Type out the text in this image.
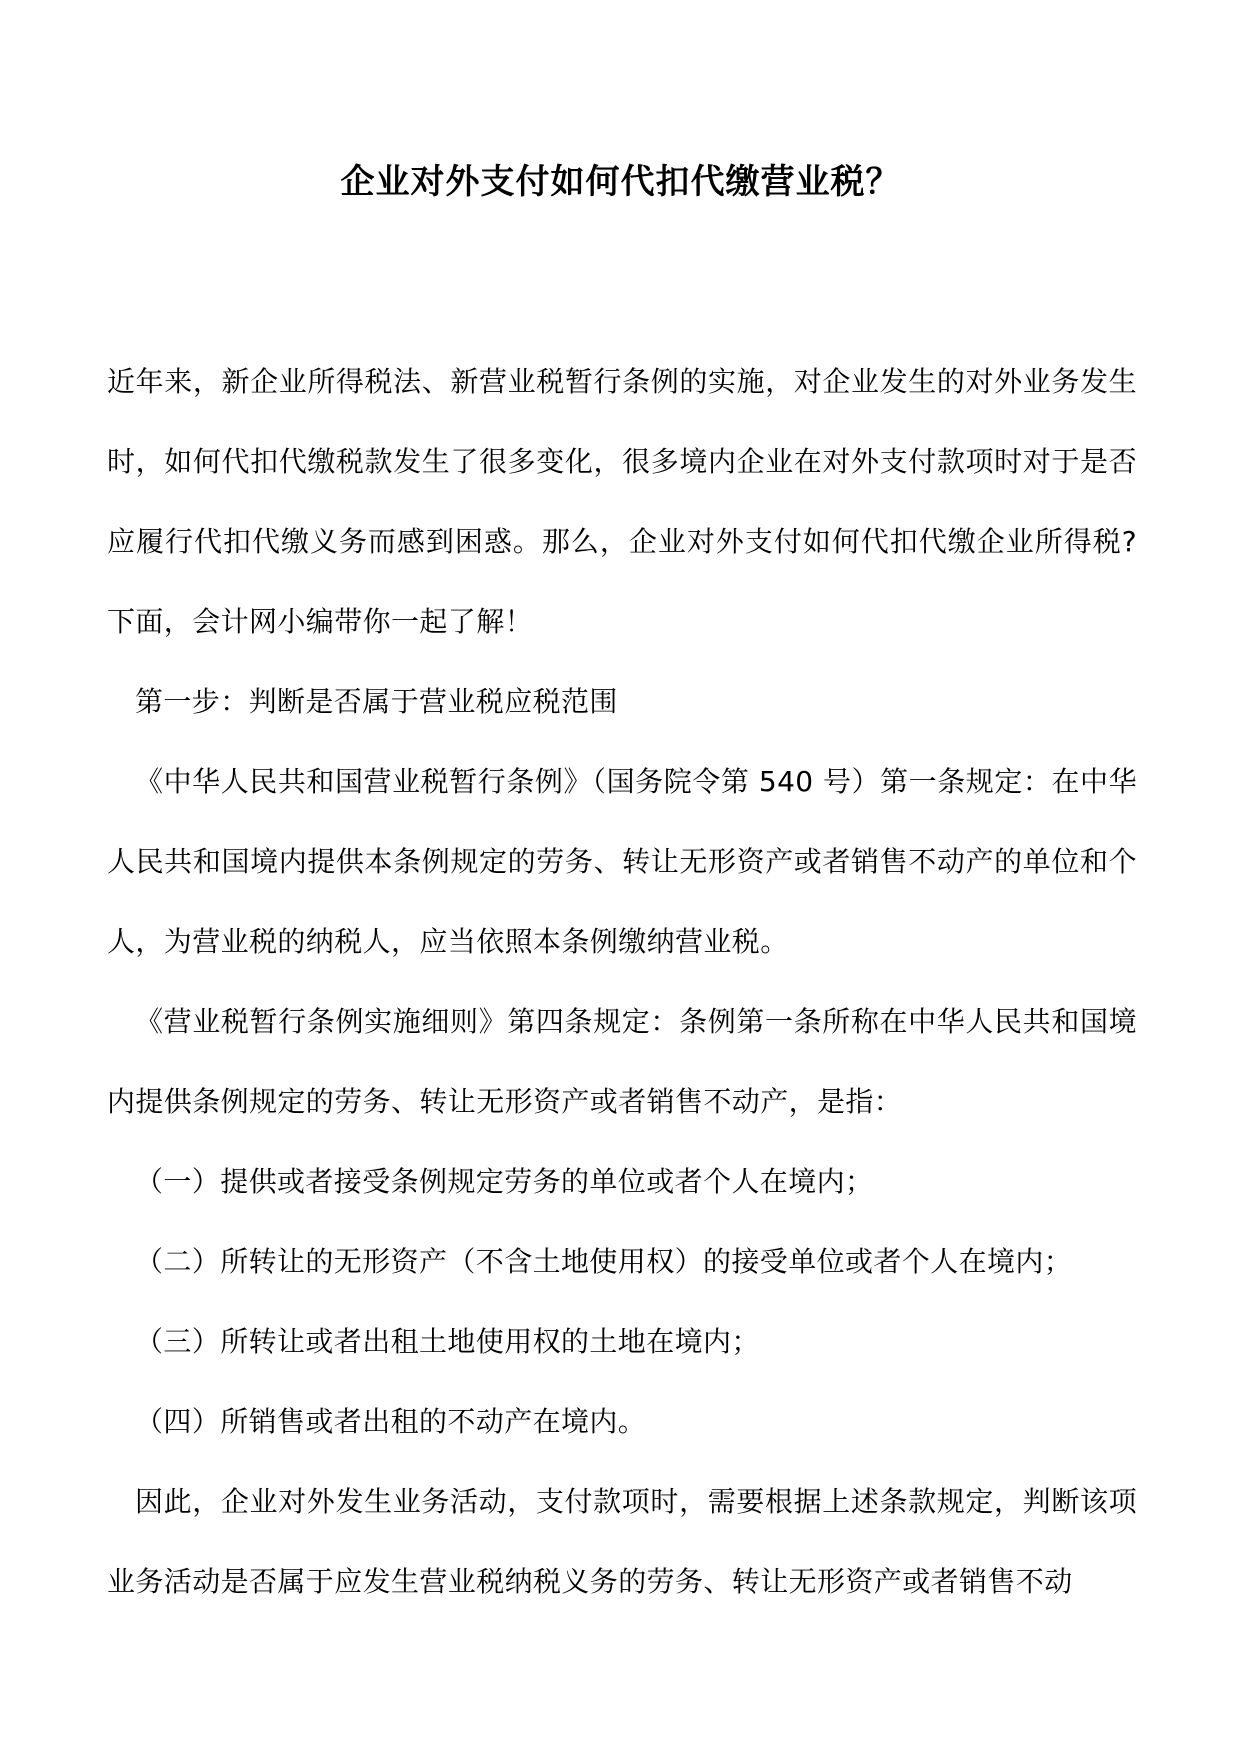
企业对外支付如何代扣代缴营业税？

近年来，新企业所得税法、新营业税暂行条例的实施，对企业发生的对外业务发生时，如何代扣代缴税款发生了很多变化，很多境内企业在对外支付款项时对于是否应履行代扣代缴义务而感到困惑。那么，企业对外支付如何代扣代缴企业所得税?下面，会计网小编带你一起了解！

第一步：判断是否属于营业税应税范围

《中华人民共和国营业税暂行条例》（国务院令第 540 号）第一条规定：在中华人民共和国境内提供本条例规定的劳务、转让无形资产或者销售不动产的单位和个人，为营业税的纳税人，应当依照本条例缴纳营业税。

《营业税暂行条例实施细则》第四条规定：条例第一条所称在中华人民共和国境内提供条例规定的劳务、转让无形资产或者销售不动产，是指：

（一）提供或者接受条例规定劳务的单位或者个人在境内；

（二）所转让的无形资产（不含土地使用权）的接受单位或者个人在境内；

（三）所转让或者出租土地使用权的土地在境内；

（四）所销售或者出租的不动产在境内。

因此，企业对外发生业务活动，支付款项时，需要根据上述条款规定，判断该项业务活动是否属于应发生营业税纳税义务的劳务、转让无形资产或者销售不动
